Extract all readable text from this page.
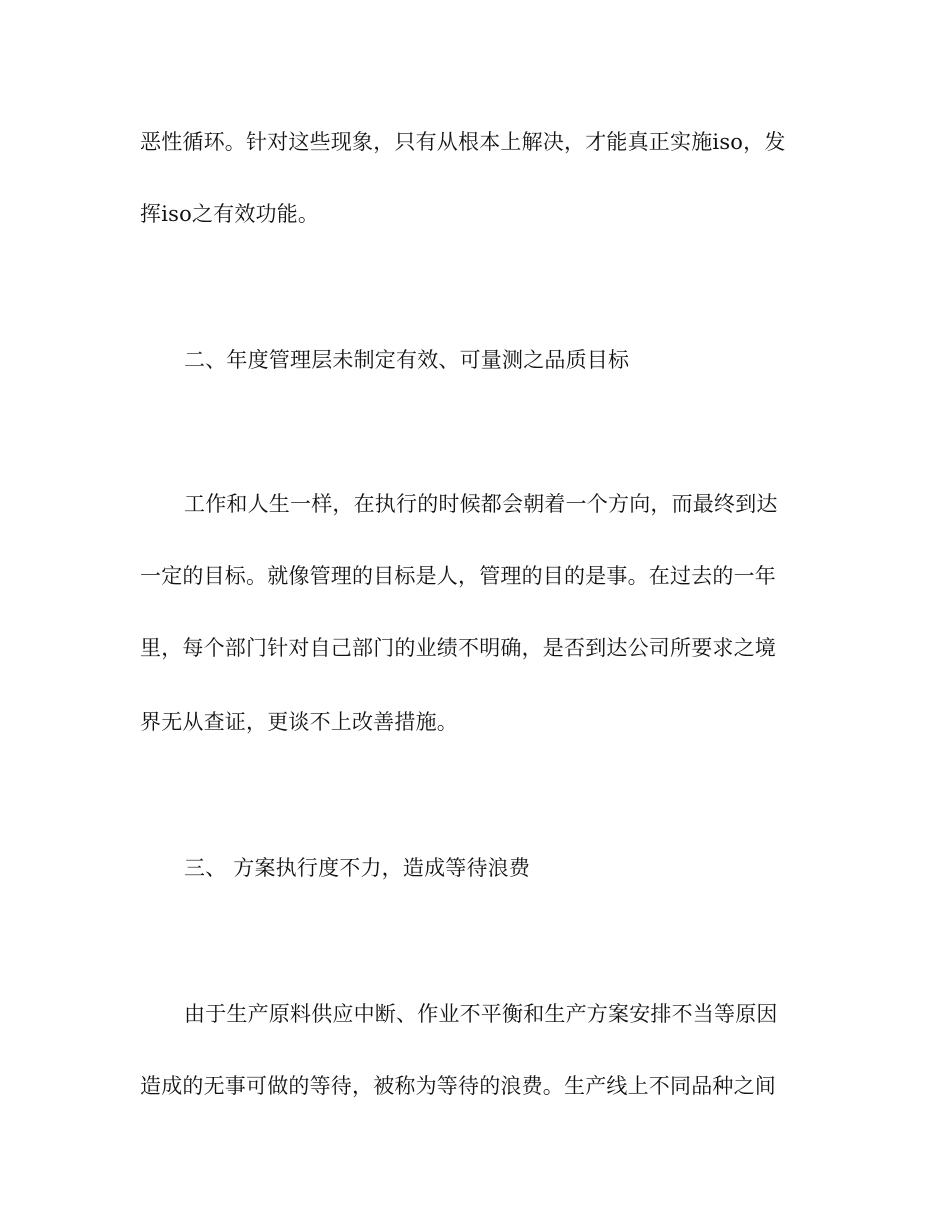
恶性循环。针对这些现象，只有从根本上解决，才能真正实施iso，发
挥iso之有效功能。
二、年度管理层未制定有效、可量测之品质目标
工作和人生一样，在执行的时候都会朝着一个方向，而最终到达
一定的目标。就像管理的目标是人，管理的目的是事。在过去的一年
里，每个部门针对自己部门的业绩不明确，是否到达公司所要求之境
界无从查证，更谈不上改善措施。
三、 方案执行度不力，造成等待浪费
由于生产原料供应中断、作业不平衡和生产方案安排不当等原因
造成的无事可做的等待，被称为等待的浪费。生产线上不同品种之间
